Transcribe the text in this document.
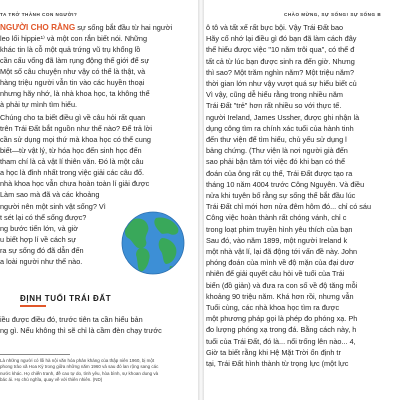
TA TRỞ THÀNH CON NGƯỜI?
NGƯỜI CHO RẰNG sự sống bắt đầu từ hai người
leo lối hippie¹⁾ và một con rắn biết nói. Những
khác tin là cỗ một quả trứng vũ trụ khổng lồ
cần cấu vống đã làm rụng động thế giới để sự
Một số câu chuyện như vậy có thể là thật, và
hàng triệu người vẫn tin vào các huyền thoại
nhưng hãy nhớ, là nhà khoa học, ta không thể
à phải tự mình tìm hiểu.
Chúng cho ta biết điều gì về câu hỏi rất quan
trên Trái Đất bắt nguồn như thế nào? Để trả lời
cần sử dụng mọi thứ mà khoa học có thể cung
biết—từ vật lý, từ hóa học đến sinh học đến
tham chí là cả vật lí thiên văn. Đó là một câu
a học là đỉnh nhất trong việc giải các câu đố.
nhà khoa học vẫn chưa hoàn toàn lí giải được
Làm sao mà đã và các khoảng
người nên một sinh vật sống? Vì
t sét lại có thể sống được?
ng bước tiến lớn, và giờ
u biết hợp lí về cách sự
ra sự sống đó đã dẫn đến
a loài người như thế nào.
ĐỊNH TUỔI TRÁI ĐẤT
iều được điều đó, trước tiên ta cần hiểu bản
ng gì. Nếu không thì sẽ chỉ là cầm đèn chạy trước
Là những người có lối hà nội văn hóa phản kháng của thập niên 1960, bị một phong trào xã Hoa Kỳ trong giữa những năm 1960 và sau đó lan rộng sang các nước khác. Họ chiến tranh, đề cao tự do, tình yêu, hòa bình, sự khoan dung và bác ái. Họ chủ nghĩa, quay về với thiên nhiên. (ND)
CHÀO MỪNG, SỰ SỐNG! SỰ SỐNG B
ô tô và tất xế rất bực bội. Vậy Trái Đất bao
Hãy cố nhớ lại điều gì đó bạn đã làm cách đây
thế hiểu được việc "10 năm trôi qua", có thể đ
tất cả từ lúc bạn được sinh ra đến giờ. Nhưng
thì sao? Một trăm nghìn năm? Một triệu năm?
thời gian lớn như vậy vượt quá sự hiểu biết củ
Vì vậy, cũng dễ hiểu rằng trong nhiều năm
Trái Đất "trẻ" hơn rất nhiều so với thực tế.
người Ireland, James Ussher, được ghi nhận là
dụng công tìm ra chính xác tuổi của hành tinh
đến thư viện để tìm hiểu, chủ yếu sử dụng l
bảng chứng. (Thư viện là nơi người già đến
sao phải bận tâm tới việc đó khi bạn có thể
đoán của ông rất cụ thể, Trái Đất được tạo ra
tháng 10 năm 4004 trước Công Nguyên. Và điều
nửa khi tuyên bố rằng sự sống thể bắt đầu lúc
Trái Đất chỉ mới hơn nửa đêm hôm đó... chỉ có sáu
Công việc hoàn thành rất chóng vánh, chỉ c
trong loạt phim truyền hình yêu thích của bạn
Sau đó, vào năm 1899, một người Ireland k
một nhà vật lí, lại đã động tới vấn đề này. John
phóng đoán của mình về độ mặn của đại dươ
nhiên để giải quyết câu hỏi về tuổi của Trái
biển (đồ giản) và đưa ra con số về độ tăng mỗi
khoảng 90 triệu năm. Khá hơn rồi, nhưng vẫn
Tuổi cùng, các nhà khoa học tìm ra được
một phương pháp gọi là phép đo phóng xạ. Ph
đo lượng phóng xạ trong đá. Bằng cách này, h
tuổi của Trái Đất, đó là... nổi trống lên nào... 4,
Giờ ta biết rằng khi Hệ Mặt Trời ổn định tr
tại, Trái Đất hình thành từ trọng lực (một lực
